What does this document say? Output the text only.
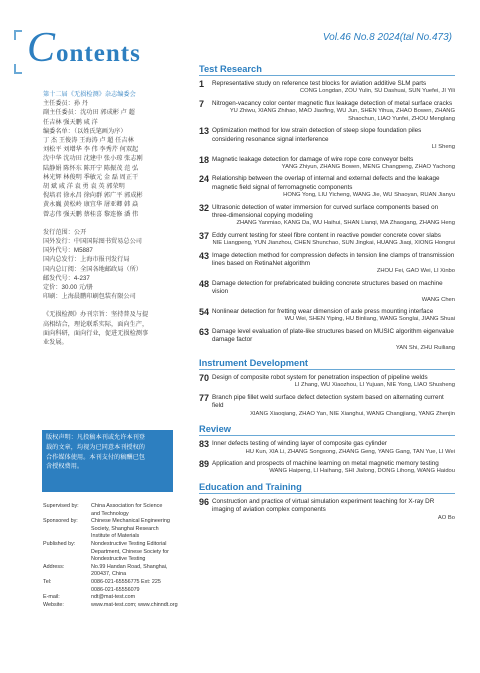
Contents
Vol.46 No.8 2024(tal No.473)
第十二届《无损检测》杂志编委会
主任委员：孙 丹
副主任委员：沈功田 郭成彬 卢 超
任吉林 强天鹏 咸 洋
编委名单：（以姓氏笔画为序）
丁 杰 王俊涛 王海涛 卢 超 任吉林
刘松平 刘增华 李 伟 李秀芹 何双起
沈中华 沈功田 沈建中 张小琼 张志刚
陆静娟 陈怀东 陈开宁 陈振茂 范 弘
林光辉 林俊明 季敏元 金 磊 周正干
胡 斌 咸 洋 袁 勇 袁 英 郭荣明
倪培君 徐永昌 徐向群 郭广平 郭成彬
黄永巍 黄松岭 康宜华 屠亚卿 韩 焱
曾志伟 强天鹏 蔡桂喜 黎连修 潘 伟
发行范围：公开
国外发行：中国国际图书贸易总公司
国外代号：M5887
国内总发行：上海市报刊发行局
国内总订阅：全国各地邮政局（所）
邮发代号：4-237
定价：30.00 元/册
印刷：上海晨鹏印刷包装有限公司
《无损检测》办刊宗旨：坚持普及与提
高相结合，理论联系实际，面向生产，
面向科研，面向行业，促进无损检测事
业发展。
版权声明：凡投稿本刊或允许本刊登
载的文章，均视为已同意本刊授权的
合作媒体使用。本刊支付的稿酬已包
含授权费用。
Supervised by:	China Association for Science
and Technology
Sponsored by:	Chinese Mechanical Engineering
Society, Shanghai Research
Institute of Materials
Published by:	Nondestructive Testing Editorial
Department, Chinese Society for
Nondestructive Testing
Address:	No.99 Handan Road, Shanghai,
200437, China
Tel:	0086-021-65556775 Ext: 225
0086-021-65556079
E-mail:	ndt@mat-test.com
Website:	www.mat-test.com; www.chinndt.org
Test Research
1	Representative study on reference test blocks for aviation additive SLM parts
CONG Longdan, ZOU Yulin, SU Dashuai, SUN Yuefei, JI Yili
7	Nitrogen-vacancy color center magnetic flux leakage detection of metal surface cracks
YU Zhiwu, XIANG Zhihao, MAO Jiaofing, WU Jun, SHEN Yihua, ZHAO Bowen, ZHANG Shaochun, LIAO Yunfei, ZHOU Menglang
13 Optimization method for low strain detection of steep slope foundation piles considering resonance signal interference
LI Sheng
18 Magnetic leakage detection for damage of wire rope core conveyor belts
YANG Zhiyun, ZHANG Bowen, MENG Changpeng, ZHAO Yachong
24 Relationship between the overlap of internal and external defects and the leakage magnetic field signal of ferromagnetic components
HONG Yong, LIU Yicheng, WANG Jie, WU Shaoyan, RUAN Jianyu
32 Ultrasonic detection of water immersion for curved surface components based on three-dimensional copying modeling
ZHANG Yanmiao, KANG Da, WU Haihui, SHAN Lianqi, MA Zhaogang, ZHANG Heng
37 Eddy current testing for steel fibre content in reactive powder concrete cover slabs
NIE Liangpeng, YUN Jianzhou, CHEN Shunchao, SUN Jingkai, HUANG Jiaqi, XIONG Hongrui
43 Image detection method for compression defects in tension line clamps of transmission lines based on RetinaNet algorithm
ZHOU Fei, GAO Wei, LI Xinbo
48 Damage detection for prefabricated building concrete structures based on machine vision
WANG Chen
54 Nonlinear detection for fretting wear dimension of axle press mounting interface
WU Wei, SHEN Yiping, HU Binliang, WANG Songlai, JIANG Shuai
63 Damage level evaluation of plate-like structures based on MUSIC algorithm eigenvalue damage factor
YAN Shi, ZHU Ruiliang
Instrument Development
70 Design of composite robot system for penetration inspection of pipeline welds
LI Zhang, WU Xiaozhou, LI Yujuan, NIE Yong, LIAO Shusheng
77 Branch pipe fillet weld surface defect detection system based on alternating current field
XIANG Xiaoqiang, ZHAO Yan, NIE Xianghui, WANG Changjiang, YANG Zhenjin
Review
83 Inner defects testing of winding layer of composite gas cylinder
HU Kun, XIA Li, ZHANG Songsong, ZHANG Geng, YANG Gang, TAN Yue, LI Wei
89 Application and prospects of machine learning on metal magnetic memory testing
WANG Haipeng, LI Haihang, SHI Jialong, DONG Lihong, WANG Haidou
Education and Training
96 Construction and practice of virtual simulation experiment teaching for X-ray DR imaging of aviation complex components
AO Bo
